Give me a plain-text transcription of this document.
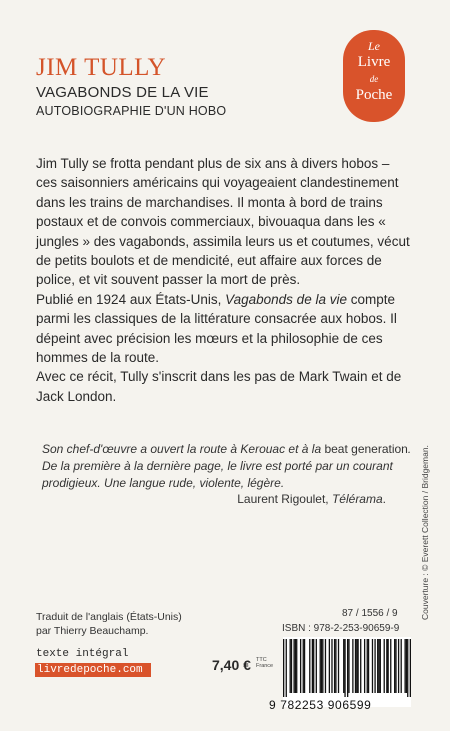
JIM TULLY
VAGABONDS DE LA VIE
AUTOBIOGRAPHIE D'UN HOBO
Le
Livre
de
Poche

Jim Tully se frotta pendant plus de six ans à divers hobos – ces saisonniers américains qui voyageaient clandestinement dans les trains de marchandises. Il monta à bord de trains postaux et de convois commerciaux, bivouaqua dans les « jungles » des vagabonds, assimila leurs us et coutumes, vécut de petits boulots et de mendicité, eut affaire aux forces de police, et vit souvent passer la mort de près.

Publié en 1924 aux États-Unis, Vagabonds de la vie compte parmi les classiques de la littérature consacrée aux hobos. Il dépeint avec précision les mœurs et la philosophie de ces hommes de la route.

Avec ce récit, Tully s'inscrit dans les pas de Mark Twain et de Jack London.

Son chef-d'œuvre a ouvert la route à Kerouac et à la beat generation. De la première à la dernière page, le livre est porté par un courant prodigieux. Une langue rude, violente, légère.

Laurent Rigoulet, Télérama.	Couverture : © Everett Collection / Bridgeman.
Traduit de l'anglais (États-Unis)
par Thierry Beauchamp.
texte intégral
livredepoche.com	7,40 € TTC
France
87 / 1556 / 9
ISBN : 978-2-253-90659-9
9 782253 906599
